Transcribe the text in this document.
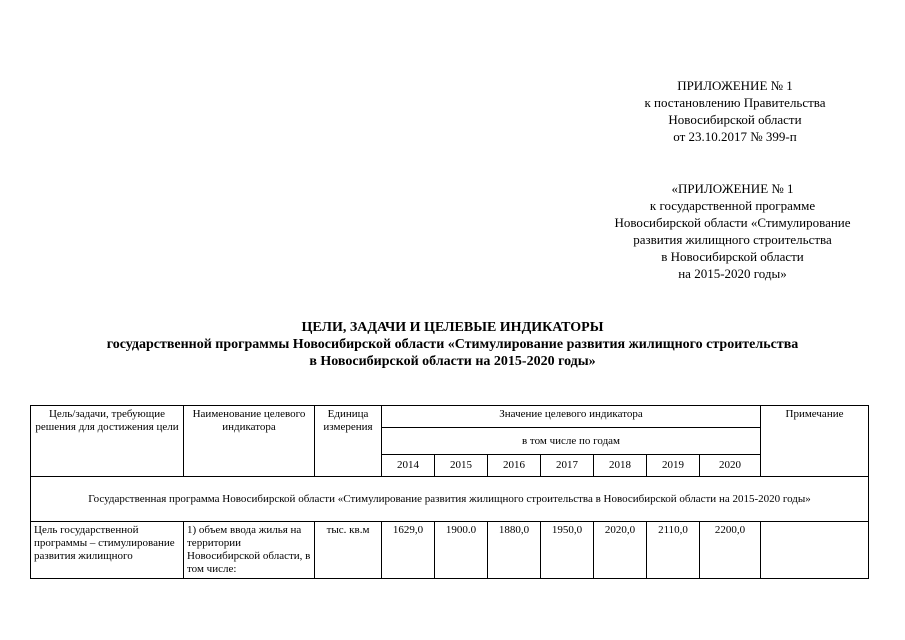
ПРИЛОЖЕНИЕ № 1
к постановлению Правительства
Новосибирской области
от 23.10.2017 № 399-п
«ПРИЛОЖЕНИЕ № 1
к государственной программе
Новосибирской области «Стимулирование
развития жилищного строительства
в Новосибирской области
на 2015-2020 годы»
ЦЕЛИ, ЗАДАЧИ И ЦЕЛЕВЫЕ ИНДИКАТОРЫ
государственной программы Новосибирской области «Стимулирование развития жилищного строительства
в Новосибирской области на 2015-2020 годы»
Цель/задачи, требующие решения для достижения цели	Наименование целевого индикатора	Единица измерения	Значение целевого индикатора							Примечание
			в том числе по годам							
			2014	2015	2016	2017	2018	2019	2020	
Государственная программа Новосибирской области «Стимулирование развития жилищного строительства в Новосибирской области на 2015-2020 годы»										
Цель государственной программы – стимулирование развития жилищного	1) объем ввода жилья на территории Новосибирской области, в том числе:	тыс. кв.м	1629,0	1900.0	1880,0	1950,0	2020,0	2110,0	2200,0	
